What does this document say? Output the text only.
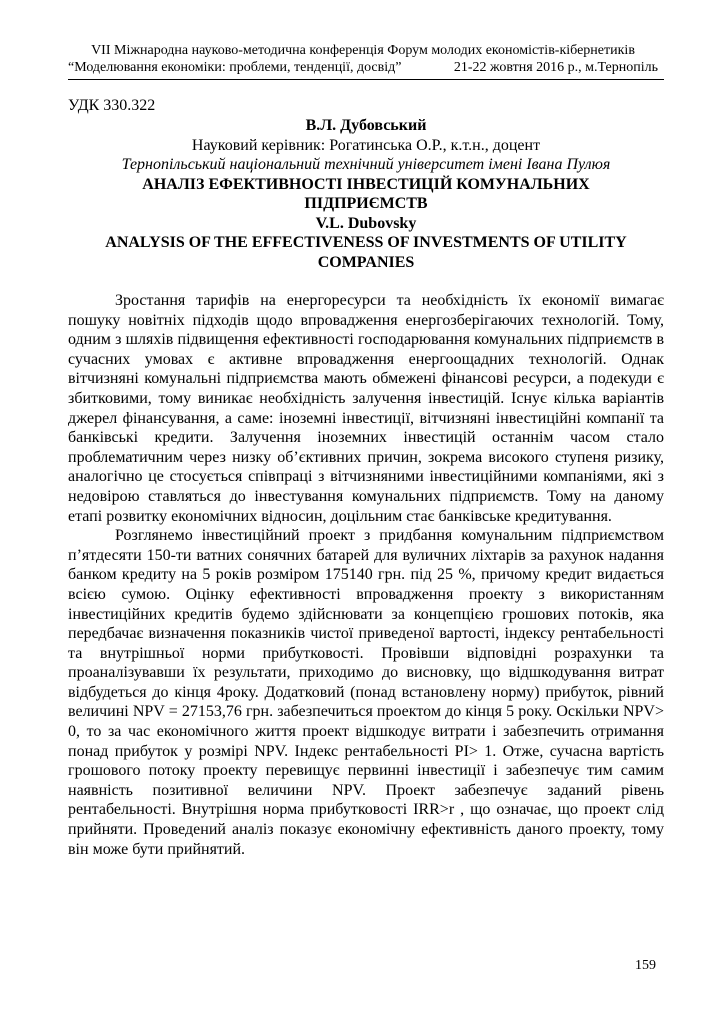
VII Міжнародна науково-методична конференція Форум молодих економістів-кібернетиків
“Моделювання економіки: проблеми, тенденції, досвід”	21-22 жовтня 2016 р., м.Тернопіль
УДК 330.322
В.Л. Дубовський
Науковий керівник: Рогатинська О.Р., к.т.н., доцент
Тернопільський національний технічний університет імені Івана Пулюя
АНАЛІЗ ЕФЕКТИВНОСТІ ІНВЕСТИЦІЙ КОМУНАЛЬНИХ ПІДПРИЄМСТВ
V.L. Dubovsky
ANALYSIS OF THE EFFECTIVENESS OF INVESTMENTS OF UTILITY COMPANIES

Зростання тарифів на енергоресурси та необхідність їх економії вимагає пошуку новітніх підходів щодо впровадження енергозберігаючих технологій. Тому, одним з шляхів підвищення ефективності господарювання комунальних підприємств в сучасних умовах є активне впровадження енергоощадних технологій. Однак вітчизняні комунальні підприємства мають обмежені фінансові ресурси, а подекуди є збитковими, тому виникає необхідність залучення інвестицій. Існує кілька варіантів джерел фінансування, а саме: іноземні інвестиції, вітчизняні інвестиційні компанії та банківські кредити. Залучення іноземних інвестицій останнім часом стало проблематичним через низку об’єктивних причин, зокрема високого ступеня ризику, аналогічно це стосується співпраці з вітчизняними інвестиційними компаніями, які з недовірою ставляться до інвестування комунальних підприємств. Тому на даному етапі розвитку економічних відносин, доцільним стає банківське кредитування.

Розглянемо інвестиційний проект з придбання комунальним підприємством п’ятдесяти 150-ти ватних сонячних батарей для вуличних ліхтарів за рахунок надання банком кредиту на 5 років розміром 175140 грн. під 25 %, причому кредит видається всією сумою. Оцінку ефективності впровадження проекту з використанням інвестиційних кредитів будемо здійснювати за концепцією грошових потоків, яка передбачає визначення показників чистої приведеної вартості, індексу рентабельності та внутрішньої норми прибутковості. Провівши відповідні розрахунки та проаналізувавши їх результати, приходимо до висновку, що відшкодування витрат відбудеться до кінця 4року. Додатковий (понад встановлену норму) прибуток, рівний величині NPV = 27153,76 грн. забезпечиться проектом до кінця 5 року. Оскільки NPV> 0, то за час економічного життя проект відшкодує витрати і забезпечить отримання понад прибуток у розмірі NPV. Індекс рентабельності PI> 1. Отже, сучасна вартість грошового потоку проекту перевищує первинні інвестиції і забезпечує тим самим наявність позитивної величини NPV. Проект забезпечує заданий рівень рентабельності. Внутрішня норма прибутковості IRR>r , що означає, що проект слід прийняти. Проведений аналіз показує економічну ефективність даного проекту, тому він може бути прийнятий.

159
